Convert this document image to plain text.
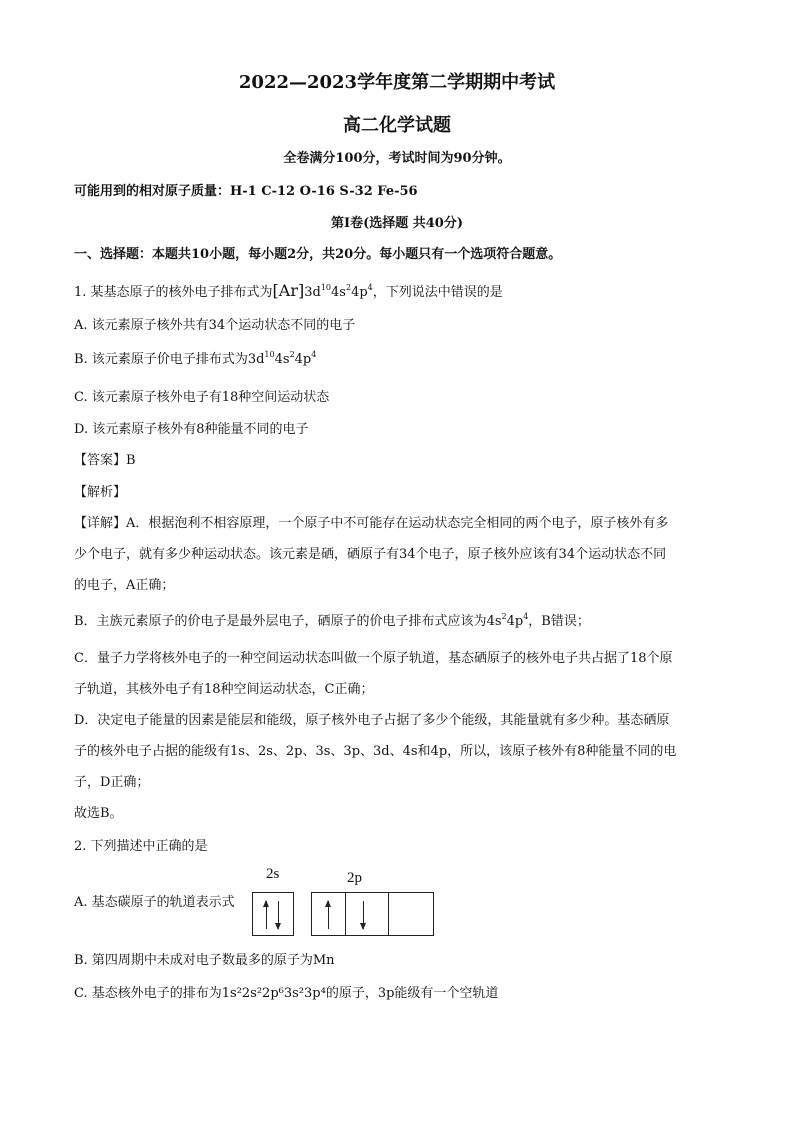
2022—2023学年度第二学期期中考试
高二化学试题
全卷满分100分，考试时间为90分钟。
可能用到的相对原子质量：H-1 C-12 O-16 S-32 Fe-56
第I卷(选择题 共40分)
一、选择题：本题共10小题，每小题2分，共20分。每小题只有一个选项符合题意。
1. 某基态原子的核外电子排布式为$[Ar]3d^{10}4s^24p^4$，下列说法中错误的是
A. 该元素原子核外共有34个运动状态不同的电子
B. 该元素原子价电子排布式为$3d^{10}4s^24p^4$
C. 该元素原子核外电子有18种空间运动状态
D. 该元素原子核外有8种能量不同的电子
【答案】B
【解析】
【详解】A．根据泡利不相容原理，一个原子中不可能存在运动状态完全相同的两个电子，原子核外有多
少个电子，就有多少种运动状态。该元素是硒，硒原子有34个电子，原子核外应该有34个运动状态不同
的电子，A正确；
B．主族元素原子的价电子是最外层电子，硒原子的价电子排布式应该为$4s^24p^4$，B错误；
C．量子力学将核外电子的一种空间运动状态叫做一个原子轨道，基态硒原子的核外电子共占据了18个原
子轨道，其核外电子有18种空间运动状态，C正确；
D．决定电子能量的因素是能层和能级，原子核外电子占据了多少个能级，其能量就有多少种。基态硒原
子的核外电子占据的能级有1s、2s、2p、3s、3p、3d、4s和4p，所以，该原子核外有8种能量不同的电
子，D正确；
故选B。
2. 下列描述中正确的是
2s	2p
A. 基态碳原子的轨道表示式
B. 第四周期中未成对电子数最多的原子为Mn
C. 基态核外电子的排布为1s²2s²2p⁶3s²3p⁴的原子，3p能级有一个空轨道
